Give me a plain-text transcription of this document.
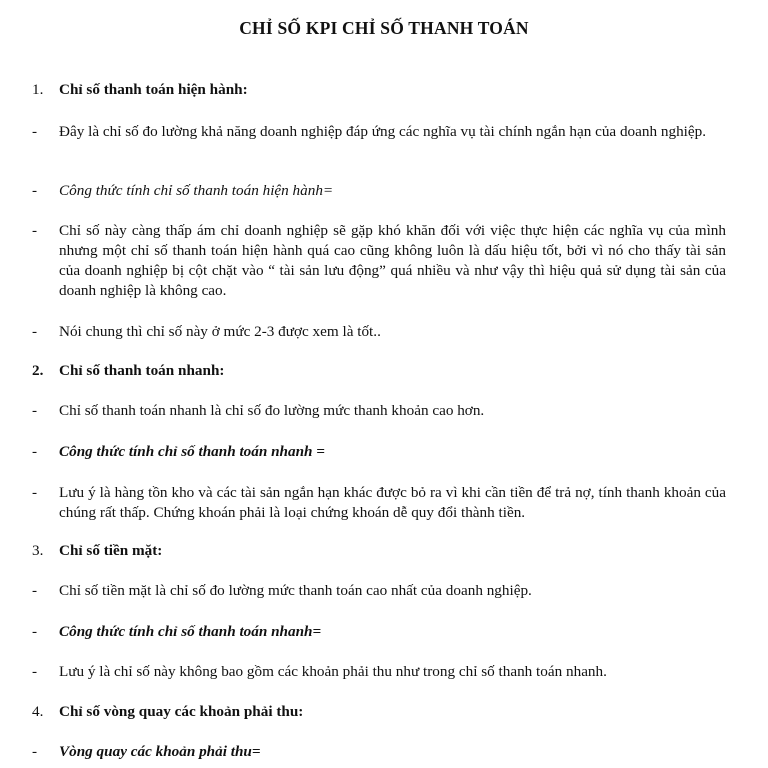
CHỈ SỐ KPI CHỈ SỐ THANH TOÁN
1. Chỉ số thanh toán hiện hành:
- Đây là chỉ số đo lường khả năng doanh nghiệp đáp ứng các nghĩa vụ tài chính ngắn hạn của doanh nghiệp.
- Công thức tính chỉ số thanh toán hiện hành=
- Chỉ số này càng thấp ám chỉ doanh nghiệp sẽ gặp khó khăn đối với việc thực hiện các nghĩa vụ của mình nhưng một chỉ số thanh toán hiện hành quá cao cũng không luôn là dấu hiệu tốt, bởi vì nó cho thấy tài sản của doanh nghiệp bị cột chặt vào “ tài sản lưu động” quá nhiều và như vậy thì hiệu quả sử dụng tài sản của doanh nghiệp là không cao.
- Nói chung thì chỉ số này ở mức 2-3 được xem là tốt..
2. Chỉ số thanh toán nhanh:
- Chỉ số thanh toán nhanh là chỉ số đo lường mức thanh khoản cao hơn.
- Công thức tính chỉ số thanh toán nhanh =
- Lưu ý là hàng tồn kho và các tài sản ngắn hạn khác được bỏ ra vì khi cần tiền để trả nợ, tính thanh khoản của chúng rất thấp. Chứng khoán phải là loại chứng khoán dễ quy đổi thành tiền.
3. Chỉ số tiền mặt:
- Chỉ số tiền mặt là chỉ số đo lường mức thanh toán cao nhất của doanh nghiệp.
- Công thức tính chỉ số thanh toán nhanh=
- Lưu ý là chỉ số này không bao gồm các khoản phải thu như trong chỉ số thanh toán nhanh.
4. Chỉ số vòng quay các khoản phải thu:
- Vòng quay các khoản phải thu=
